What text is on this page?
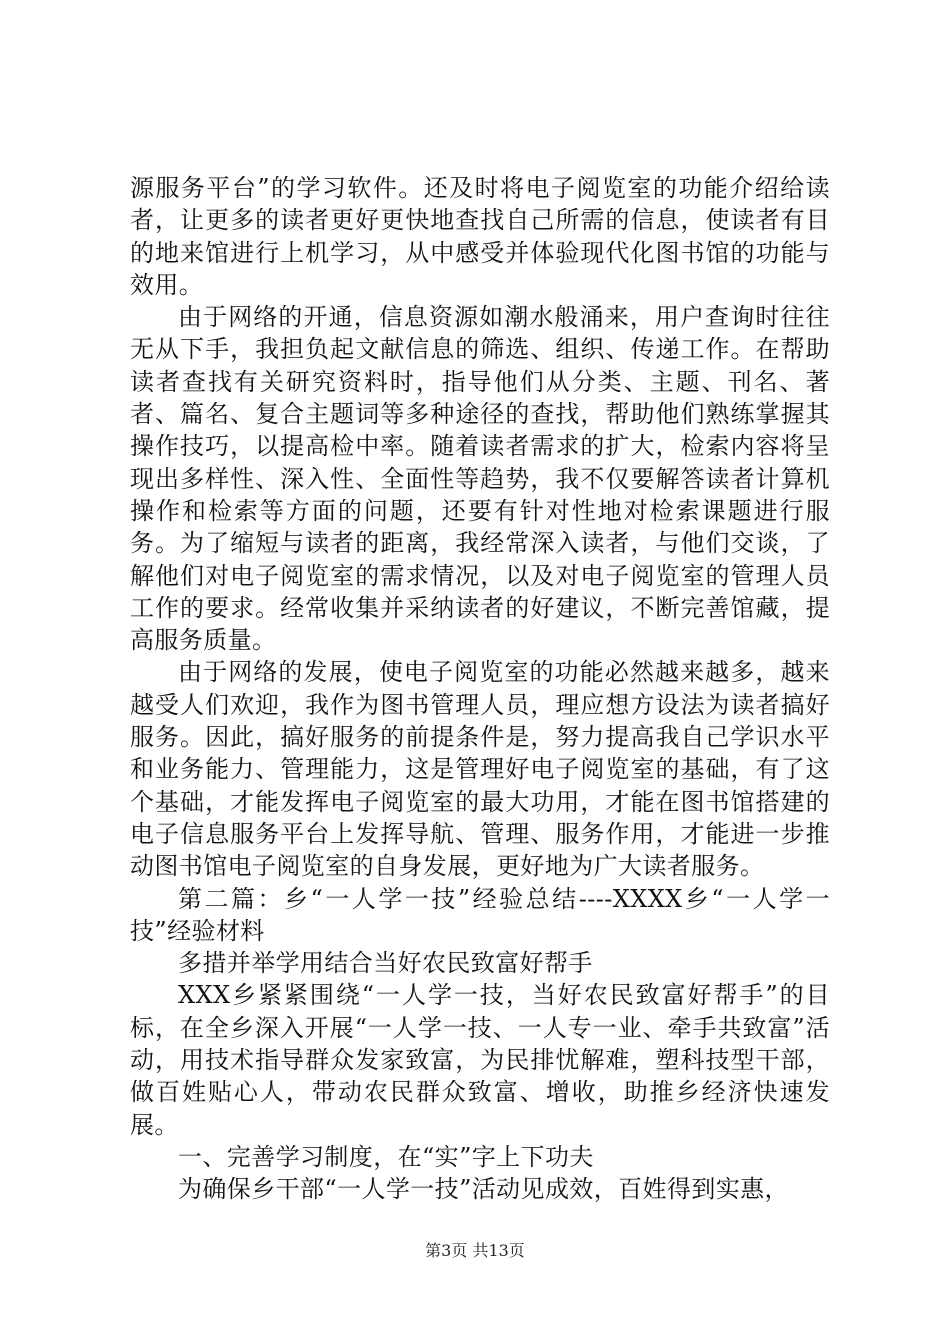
源服务平台”的学习软件。还及时将电子阅览室的功能介绍给读者，让更多的读者更好更快地查找自己所需的信息，使读者有目的地来馆进行上机学习，从中感受并体验现代化图书馆的功能与效用。

由于网络的开通，信息资源如潮水般涌来，用户查询时往往无从下手，我担负起文献信息的筛选、组织、传递工作。在帮助读者查找有关研究资料时，指导他们从分类、主题、刊名、著者、篇名、复合主题词等多种途径的查找，帮助他们熟练掌握其操作技巧，以提高检中率。随着读者需求的扩大，检索内容将呈现出多样性、深入性、全面性等趋势，我不仅要解答读者计算机操作和检索等方面的问题，还要有针对性地对检索课题进行服务。为了缩短与读者的距离，我经常深入读者，与他们交谈，了解他们对电子阅览室的需求情况，以及对电子阅览室的管理人员工作的要求。经常收集并采纳读者的好建议，不断完善馆藏，提高服务质量。

由于网络的发展，使电子阅览室的功能必然越来越多，越来越受人们欢迎，我作为图书管理人员，理应想方设法为读者搞好服务。因此，搞好服务的前提条件是，努力提高我自己学识水平和业务能力、管理能力，这是管理好电子阅览室的基础，有了这个基础，才能发挥电子阅览室的最大功用，才能在图书馆搭建的电子信息服务平台上发挥导航、管理、服务作用，才能进一步推动图书馆电子阅览室的自身发展，更好地为广大读者服务。

第二篇：乡“一人学一技”经验总结----XXXX乡“一人学一技”经验材料

多措并举学用结合当好农民致富好帮手

XXX乡紧紧围绕“一人学一技，当好农民致富好帮手”的目标，在全乡深入开展“一人学一技、一人专一业、牵手共致富”活动，用技术指导群众发家致富，为民排忧解难，塑科技型干部，做百姓贴心人，带动农民群众致富、增收，助推乡经济快速发展。

一、完善学习制度，在“实”字上下功夫

为确保乡干部“一人学一技”活动见成效，百姓得到实惠，

第3页 共13页
